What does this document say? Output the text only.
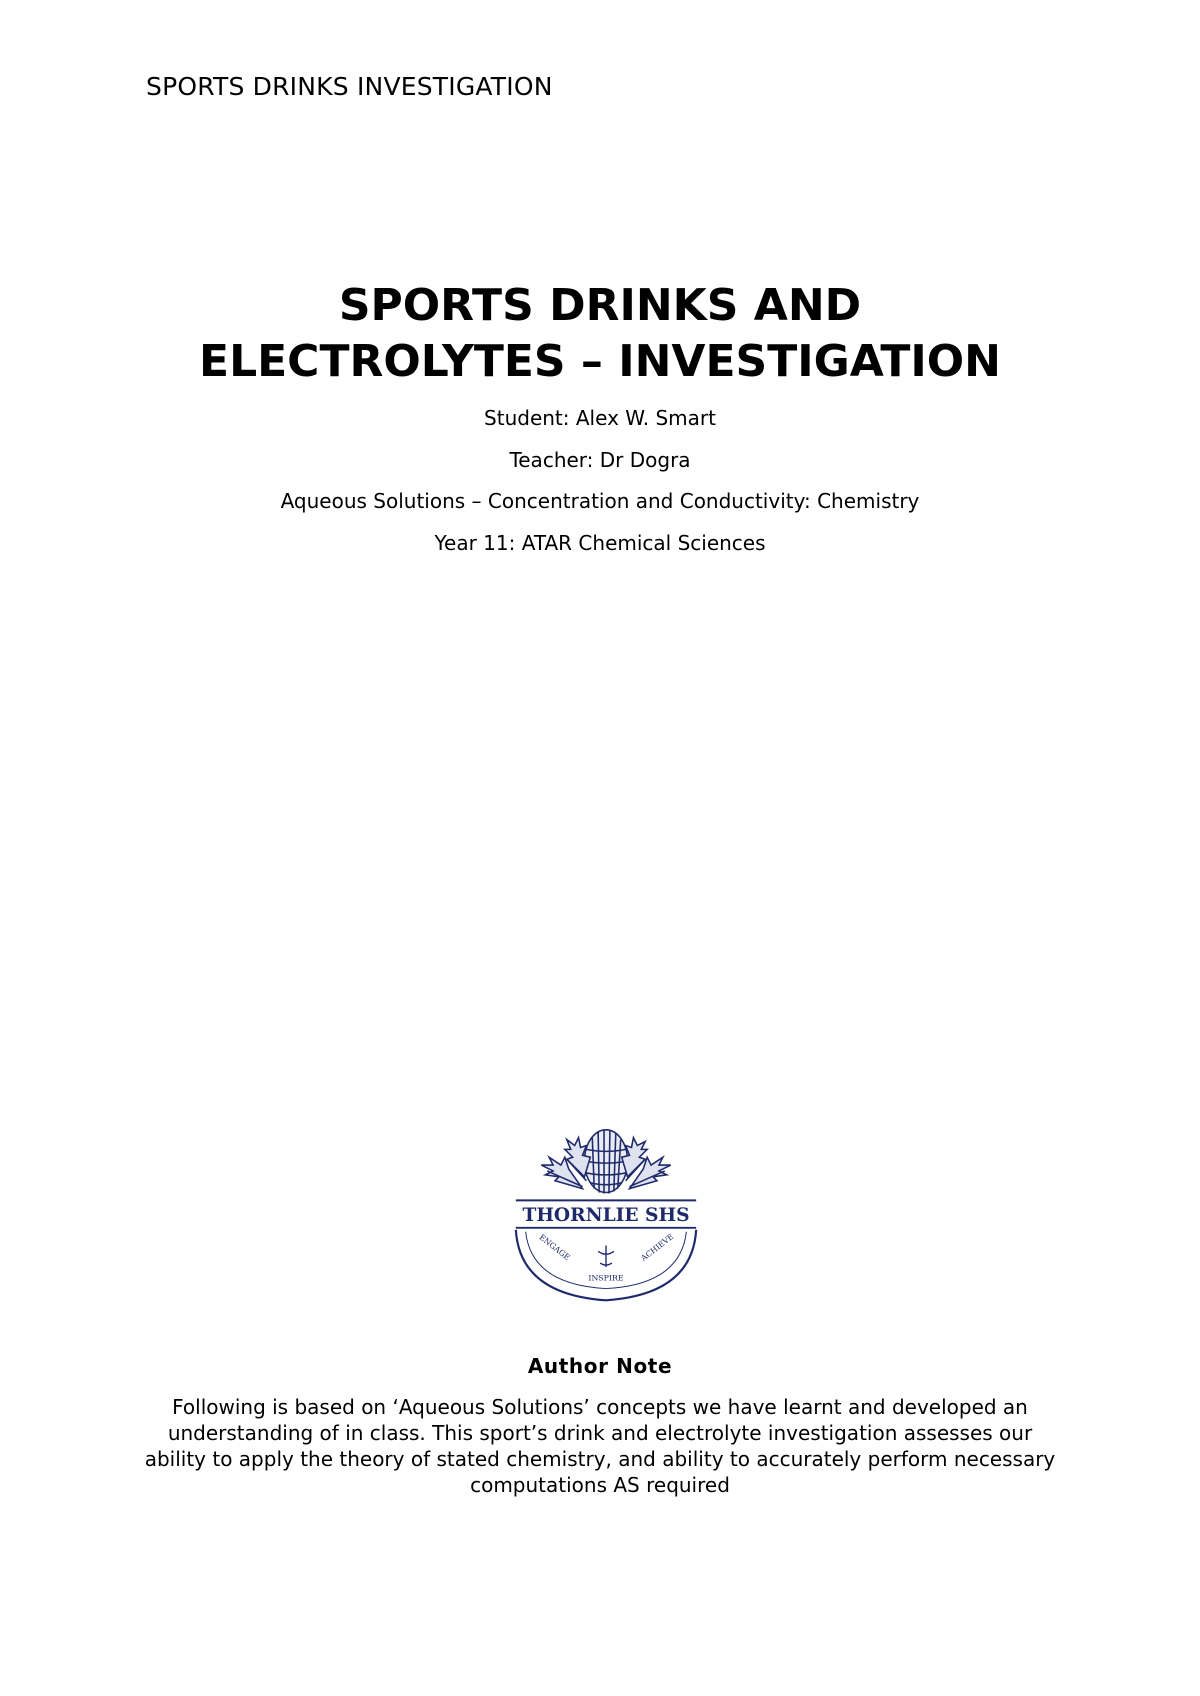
SPORTS DRINKS INVESTIGATION
SPORTS DRINKS AND
ELECTROLYTES – INVESTIGATION
Student: Alex W. Smart
Teacher: Dr Dogra
Aqueous Solutions – Concentration and Conductivity: Chemistry
Year 11: ATAR Chemical Sciences
THORNLIE SHS
ENGAGE
INSPIRE
ACHIEVE
Author Note
Following is based on ‘Aqueous Solutions’ concepts we have learnt and developed an understanding of in class. This sport’s drink and electrolyte investigation assesses our ability to apply the theory of stated chemistry, and ability to accurately perform necessary computations AS required
